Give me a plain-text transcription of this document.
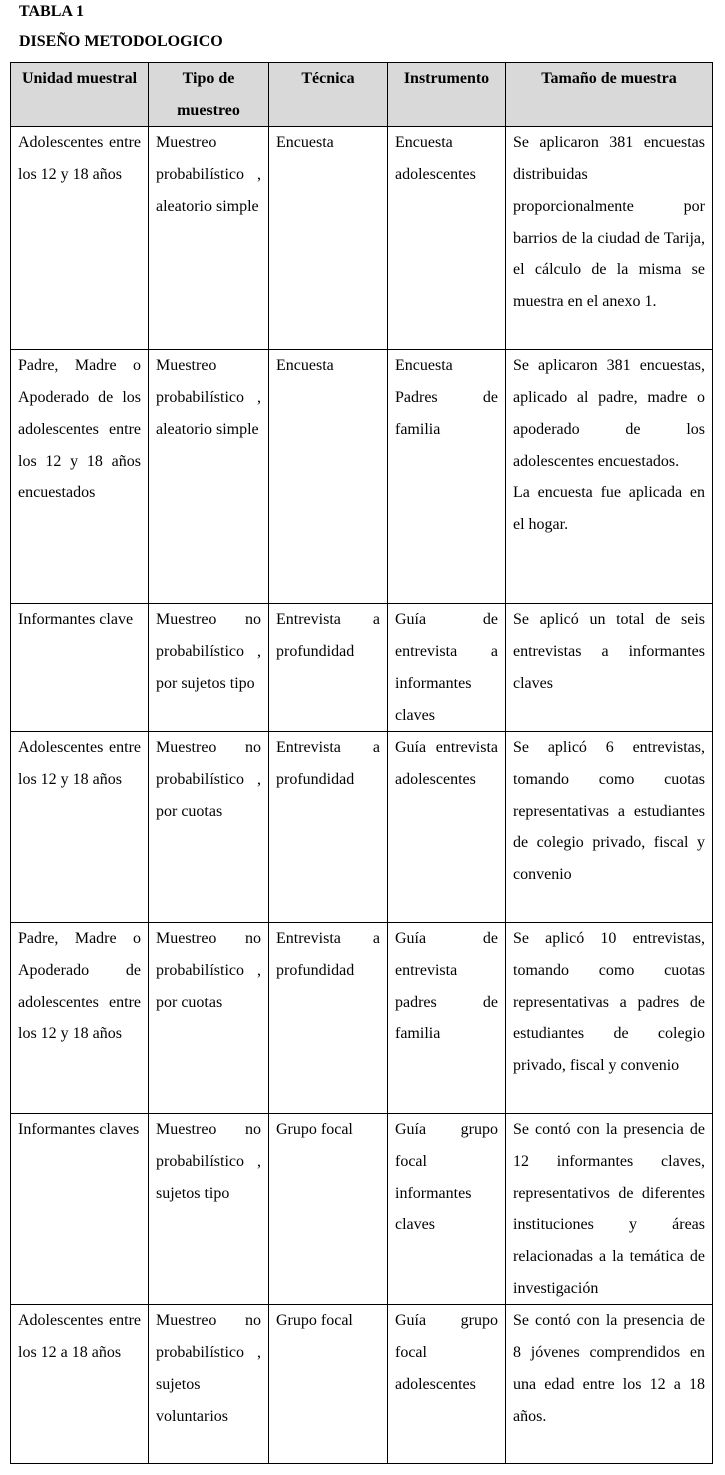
TABLA 1

DISEÑO METODOLOGICO

Unidad muestral	Tipo de muestreo	Técnica	Instrumento	Tamaño de muestra
Adolescentes entre los 12 y 18 años	Muestreo probabilístico , aleatorio simple	Encuesta	Encuesta adolescentes	Se aplicaron 381 encuestas distribuidas proporcionalmente por barrios de la ciudad de Tarija, el cálculo de la misma se muestra en el anexo 1.
Padre, Madre o Apoderado de los adolescentes entre los 12 y 18 años encuestados	Muestreo probabilístico , aleatorio simple	Encuesta	Encuesta Padres de familia	Se aplicaron 381 encuestas, aplicado al padre, madre o apoderado de los adolescentes encuestados.
La encuesta fue aplicada en el hogar.

Informantes clave	Muestreo no probabilístico , por sujetos tipo	Entrevista a profundidad	Guía de entrevista a informantes claves	Se aplicó un total de seis entrevistas a informantes claves
Adolescentes entre los 12 y 18 años	Muestreo no probabilístico , por cuotas	Entrevista a profundidad	Guía entrevista adolescentes	Se aplicó 6 entrevistas, tomando como cuotas representativas a estudiantes de colegio privado, fiscal y convenio
Padre, Madre o Apoderado de adolescentes entre los 12 y 18 años	Muestreo no probabilístico , por cuotas	Entrevista a profundidad	Guía de entrevista padres de familia	Se aplicó 10 entrevistas, tomando como cuotas representativas a padres de estudiantes de colegio privado, fiscal y convenio
Informantes claves	Muestreo no probabilístico , sujetos tipo	Grupo focal	Guía grupo focal informantes claves	Se contó con la presencia de 12 informantes claves, representativos de diferentes instituciones y áreas relacionadas a la temática de investigación
Adolescentes entre los 12 a 18 años	Muestreo no probabilístico , sujetos voluntarios	Grupo focal	Guía grupo focal adolescentes	Se contó con la presencia de 8 jóvenes comprendidos en una edad entre los 12 a 18 años.
